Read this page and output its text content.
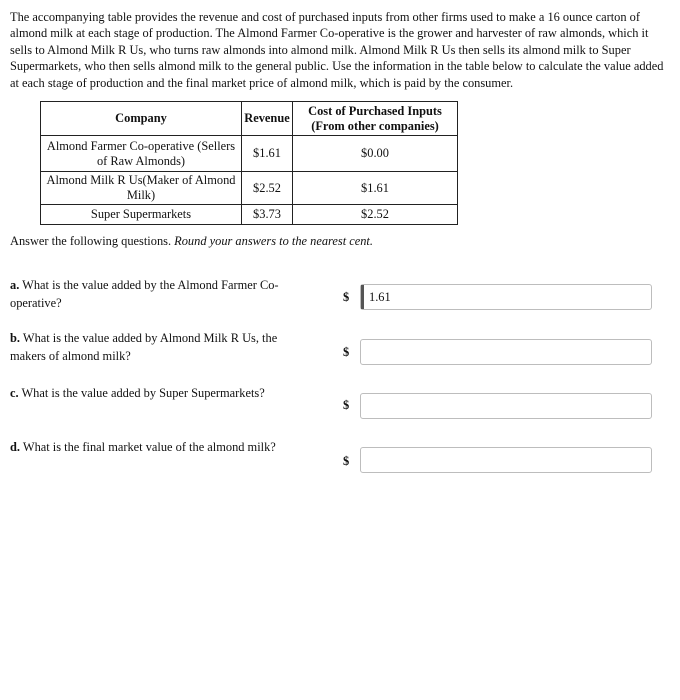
The accompanying table provides the revenue and cost of purchased inputs from other firms used to make a 16 ounce carton of almond milk at each stage of production. The Almond Farmer Co-operative is the grower and harvester of raw almonds, which it sells to Almond Milk R Us, who turns raw almonds into almond milk. Almond Milk R Us then sells its almond milk to Super Supermarkets, who then sells almond milk to the general public. Use the information in the table below to calculate the value added at each stage of production and the final market price of almond milk, which is paid by the consumer.
Company	Revenue	Cost of Purchased Inputs (From other companies)
Almond Farmer Co-operative (Sellers of Raw Almonds)	$1.61	$0.00
Almond Milk R Us(Maker of Almond Milk)	$2.52	$1.61
Super Supermarkets	$3.73	$2.52
Answer the following questions. Round your answers to the nearest cent.
a. What is the value added by the Almond Farmer Co-operative?	$ 1.61
b. What is the value added by Almond Milk R Us, the makers of almond milk?	$
c. What is the value added by Super Supermarkets?
$
d. What is the final market value of the almond milk?
$
